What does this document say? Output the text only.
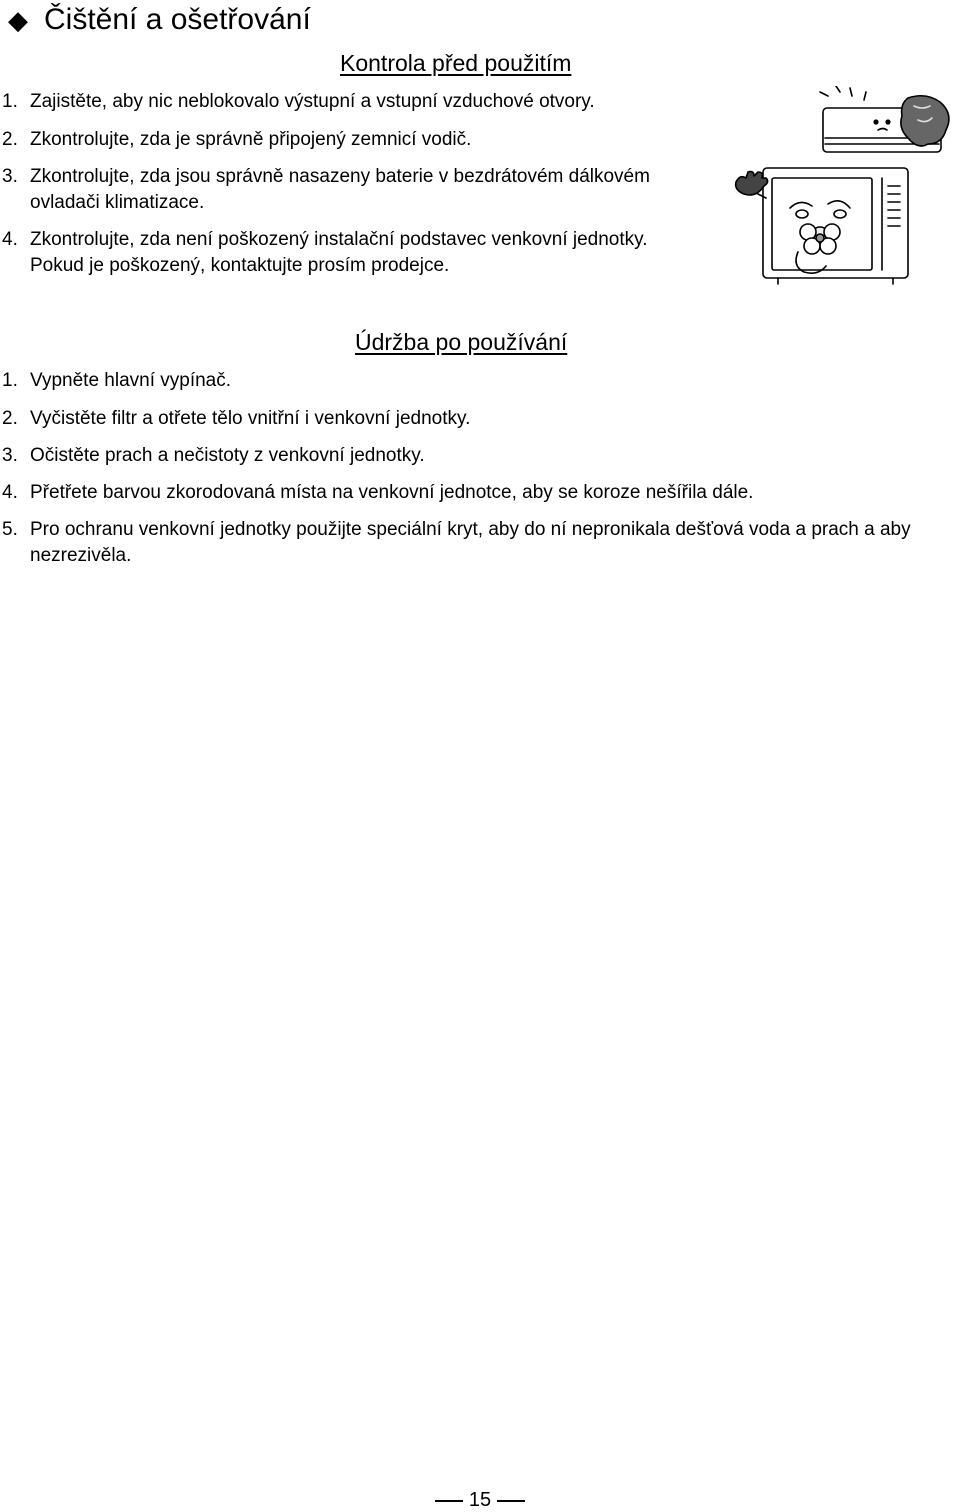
◆ Čištění a ošetřování
Kontrola před použitím
1. Zajistěte, aby nic neblokovalo výstupní a vstupní vzduchové otvory.
2. Zkontrolujte, zda je správně připojený zemnicí vodič.
3. Zkontrolujte, zda jsou správně nasazeny baterie v bezdrátovém dálkovém ovladači klimatizace.
4. Zkontrolujte, zda není poškozený instalační podstavec venkovní jednotky. Pokud je poškozený, kontaktujte prosím prodejce.
Údržba po používání
1. Vypněte hlavní vypínač.
2. Vyčistěte filtr a otřete tělo vnitřní i venkovní jednotky.
3. Očistěte prach a nečistoty z venkovní jednotky.
4. Přetřete barvou zkorodovaná místa na venkovní jednotce, aby se koroze nešířila dále.
5. Pro ochranu venkovní jednotky použijte speciální kryt, aby do ní nepronikala dešťová voda a prach a aby nezrezivěla.
15
